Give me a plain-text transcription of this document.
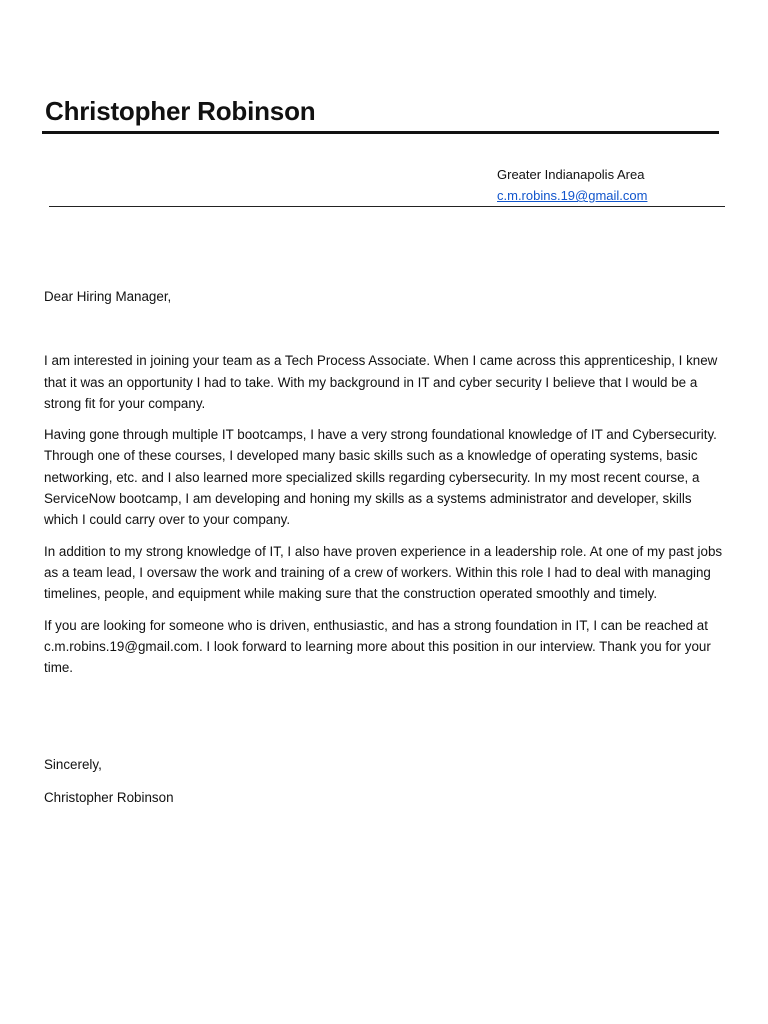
Christopher Robinson
Greater Indianapolis Area
c.m.robins.19@gmail.com

Dear Hiring Manager,

I am interested in joining your team as a Tech Process Associate. When I came across this apprenticeship, I knew that it was an opportunity I had to take. With my background in IT and cyber security I believe that I would be a strong fit for your company.

Having gone through multiple IT bootcamps, I have a very strong foundational knowledge of IT and Cybersecurity. Through one of these courses, I developed many basic skills such as a knowledge of operating systems, basic networking, etc. and I also learned more specialized skills regarding cybersecurity. In my most recent course, a ServiceNow bootcamp, I am developing and honing my skills as a systems administrator and developer, skills which I could carry over to your company.

In addition to my strong knowledge of IT, I also have proven experience in a leadership role. At one of my past jobs as a team lead, I oversaw the work and training of a crew of workers. Within this role I had to deal with managing timelines, people, and equipment while making sure that the construction operated smoothly and timely.

If you are looking for someone who is driven, enthusiastic, and has a strong foundation in IT, I can be reached at c.m.robins.19@gmail.com. I look forward to learning more about this position in our interview. Thank you for your time.

Sincerely,

Christopher Robinson
